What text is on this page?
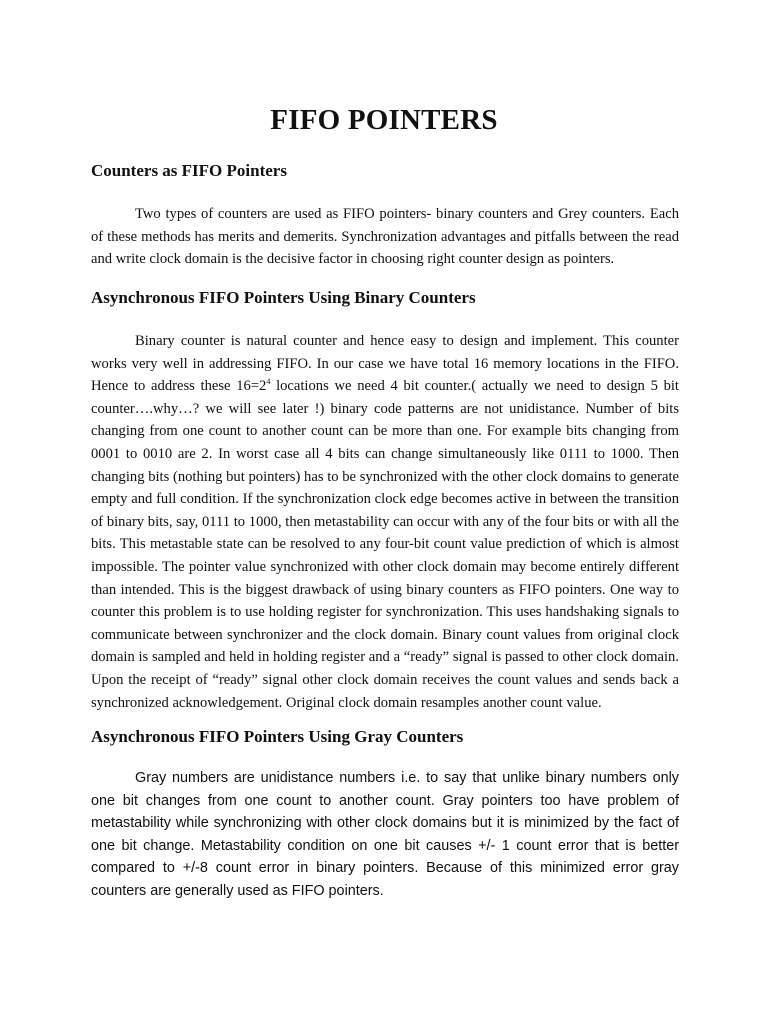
FIFO POINTERS
Counters as FIFO Pointers
Two types of counters are used as FIFO pointers- binary counters and Grey counters. Each of these methods has merits and demerits. Synchronization advantages and pitfalls between the read and write clock domain is the decisive factor in choosing right counter design as pointers.
Asynchronous FIFO Pointers Using Binary Counters
Binary counter is natural counter and hence easy to design and implement. This counter works very well in addressing FIFO. In our case we have total 16 memory locations in the FIFO. Hence to address these $16=2^4$ locations we need 4 bit counter.( actually we need to design 5 bit counter….why…? we will see later !) binary code patterns are not unidistance. Number of bits changing from one count to another count can be more than one. For example bits changing from 0001 to 0010 are 2. In worst case all 4 bits can change simultaneously like 0111 to 1000. Then changing bits (nothing but pointers) has to be synchronized with the other clock domains to generate empty and full condition. If the synchronization clock edge becomes active in between the transition of binary bits, say, 0111 to 1000, then metastability can occur with any of the four bits or with all the bits. This metastable state can be resolved to any four-bit count value prediction of which is almost impossible. The pointer value synchronized with other clock domain may become entirely different than intended. This is the biggest drawback of using binary counters as FIFO pointers. One way to counter this problem is to use holding register for synchronization. This uses handshaking signals to communicate between synchronizer and the clock domain. Binary count values from original clock domain is sampled and held in holding register and a “ready” signal is passed to other clock domain. Upon the receipt of “ready” signal other clock domain receives the count values and sends back a synchronized acknowledgement. Original clock domain resamples another count value.
Asynchronous FIFO Pointers Using Gray Counters
Gray numbers are unidistance numbers i.e. to say that unlike binary numbers only one bit changes from one count to another count. Gray pointers too have problem of metastability while synchronizing with other clock domains but it is minimized by the fact of one bit change. Metastability condition on one bit causes +/- 1 count error that is better compared to +/-8 count error in binary pointers. Because of this minimized error gray counters are generally used as FIFO pointers.
